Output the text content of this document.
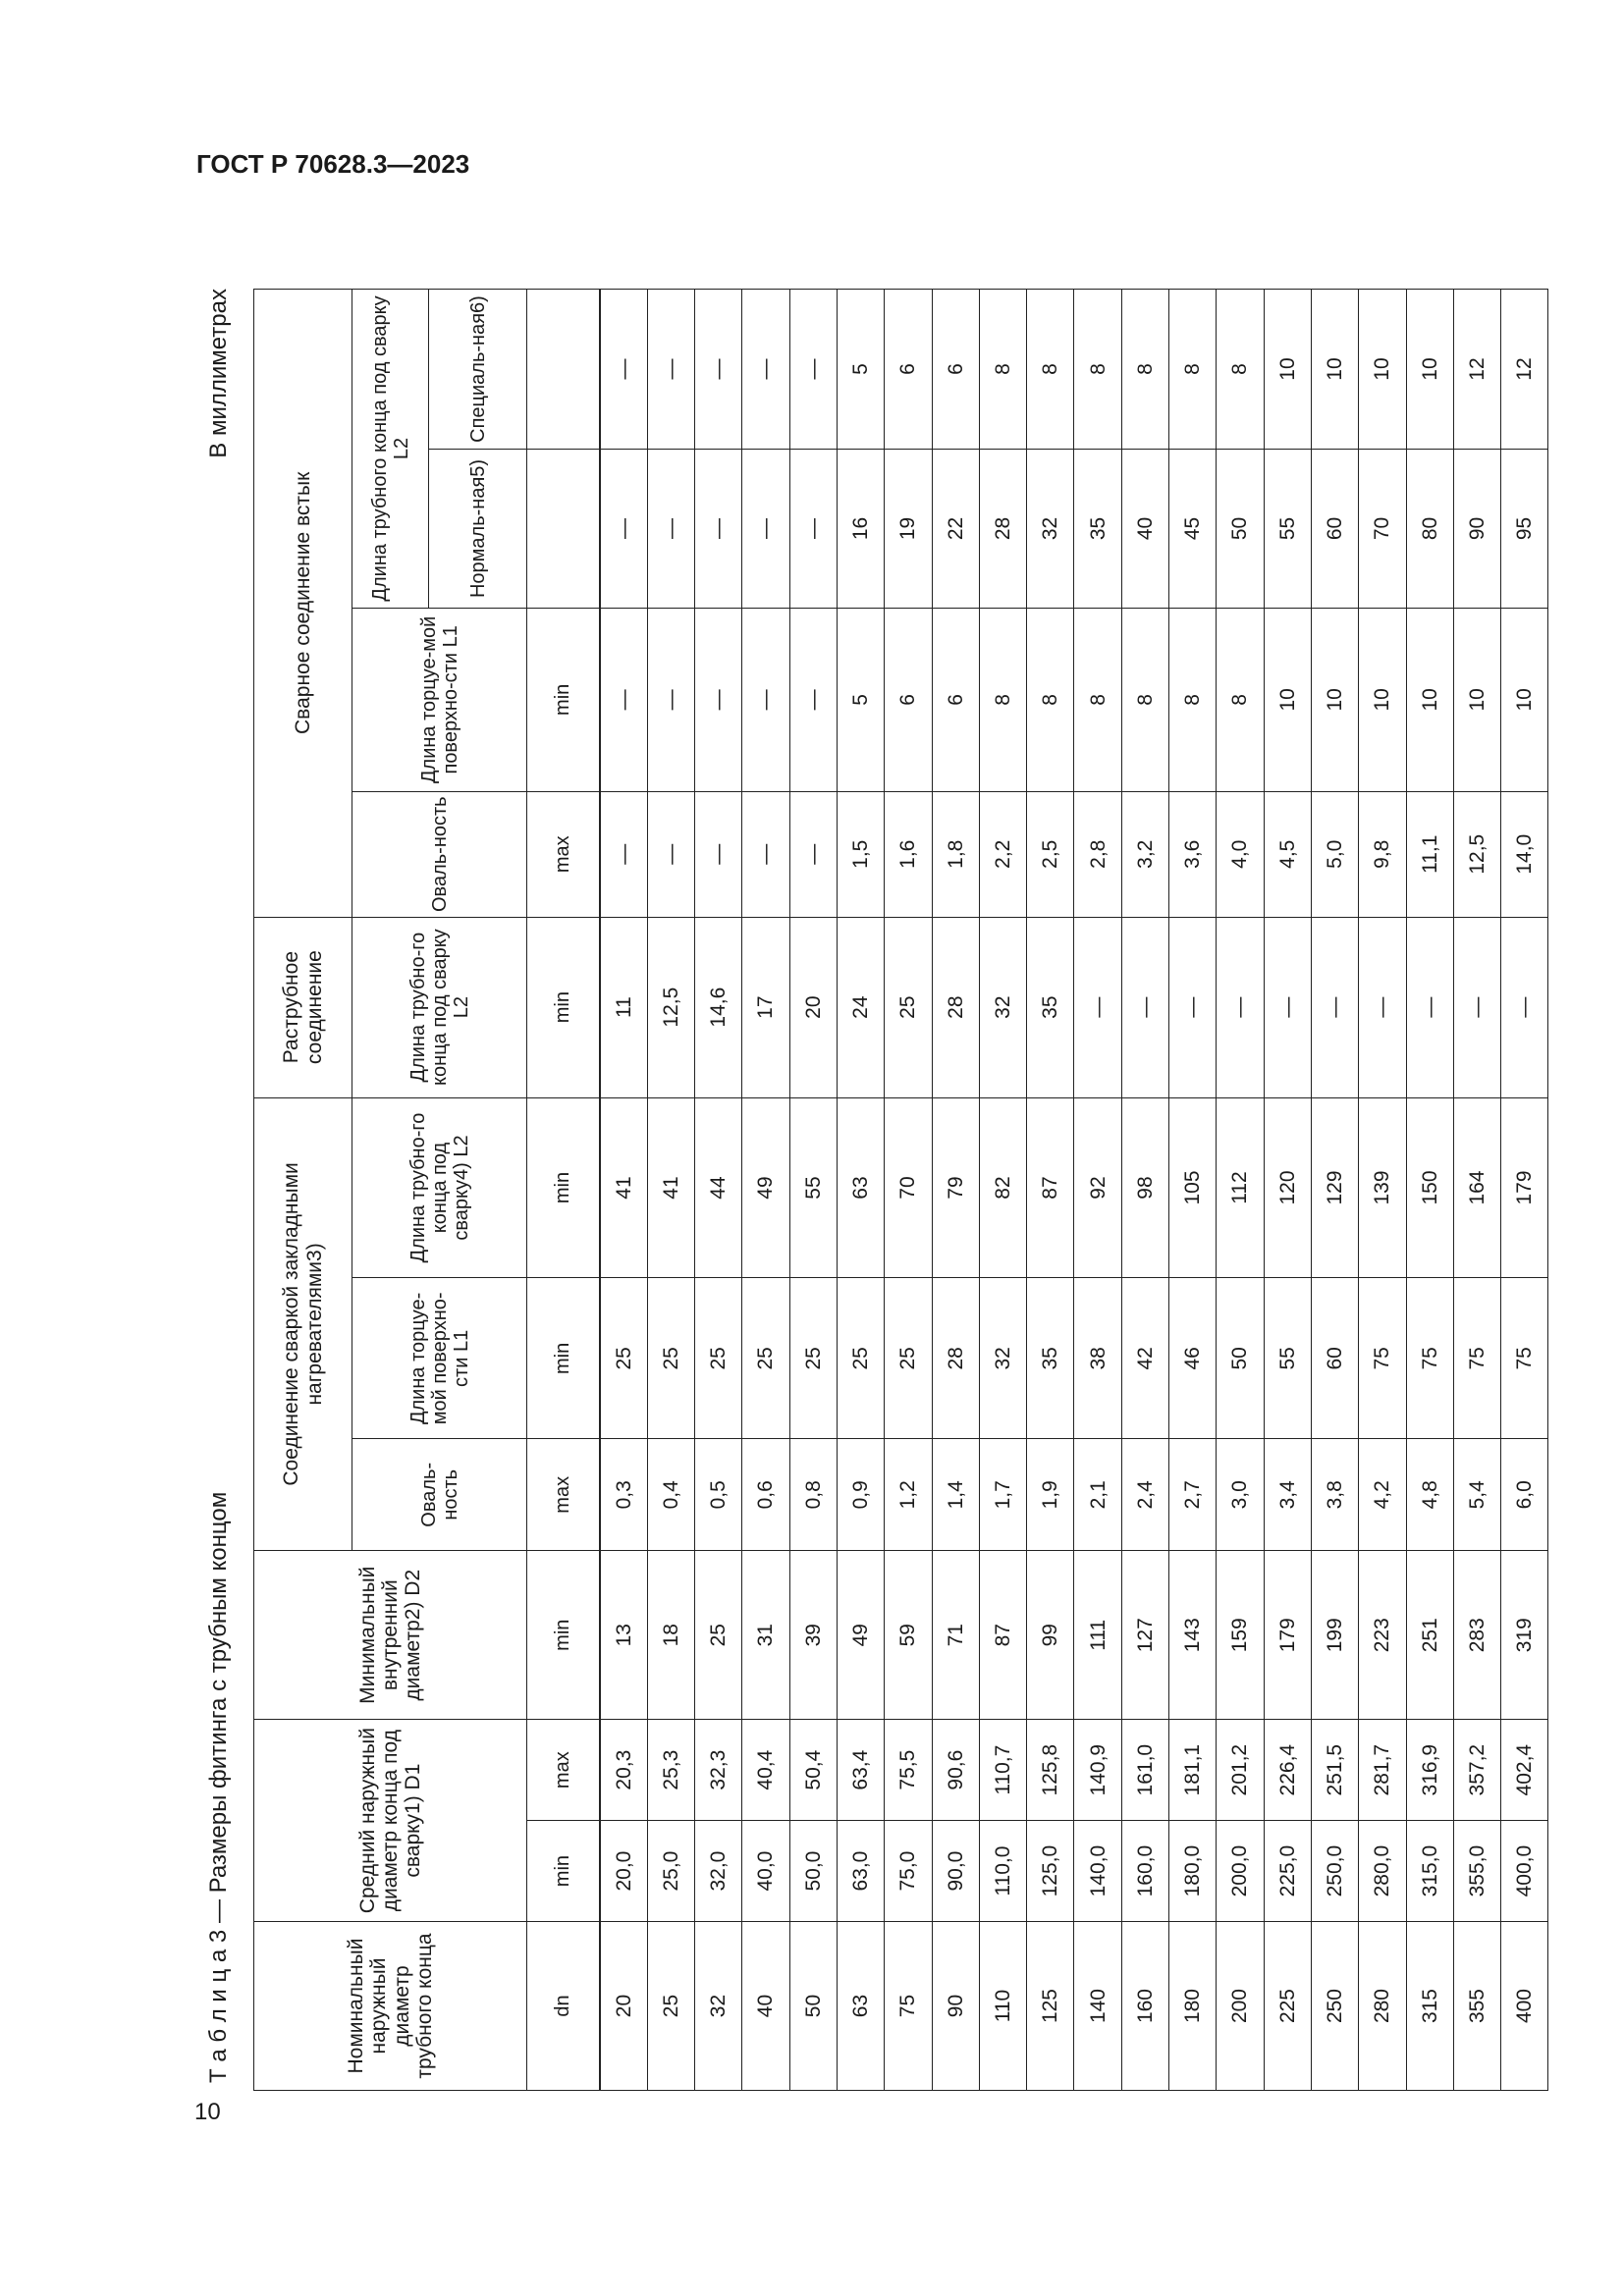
ГОСТ Р 70628.3—2023
10
Т а б л и ц а 3 — Размеры фитинга с трубным концом
В миллиметрах
Номинальный наружный диаметр трубного конца	Средний наружный диаметр конца под сварку1) D1		Минимальный внутренний диаметр2) D2	Соединение сваркой закладными нагревателями3)			Раструбное соединение	Сварное соединение встык			

				Оваль-ность	Длина торцуе-мой поверхно-сти L1	Длина трубно-го конца под сварку4) L2	Длина трубно-го конца под сварку L2	Оваль-ность	Длина торцуе-мой поверхно-сти L1	Длина трубного конца под сварку L2	

										Нормаль-ная5)	Специаль-ная6)

dn	min	max	min	max	min	min	min	max	min		
20	20,0	20,3	13	0,3	25	41	11	—	—	—	—
25	25,0	25,3	18	0,4	25	41	12,5	—	—	—	—
32	32,0	32,3	25	0,5	25	44	14,6	—	—	—	—
40	40,0	40,4	31	0,6	25	49	17	—	—	—	—
50	50,0	50,4	39	0,8	25	55	20	—	—	—	—
63	63,0	63,4	49	0,9	25	63	24	1,5	5	16	5
75	75,0	75,5	59	1,2	25	70	25	1,6	6	19	6
90	90,0	90,6	71	1,4	28	79	28	1,8	6	22	6
110	110,0	110,7	87	1,7	32	82	32	2,2	8	28	8
125	125,0	125,8	99	1,9	35	87	35	2,5	8	32	8
140	140,0	140,9	111	2,1	38	92	—	2,8	8	35	8
160	160,0	161,0	127	2,4	42	98	—	3,2	8	40	8
180	180,0	181,1	143	2,7	46	105	—	3,6	8	45	8
200	200,0	201,2	159	3,0	50	112	—	4,0	8	50	8
225	225,0	226,4	179	3,4	55	120	—	4,5	10	55	10
250	250,0	251,5	199	3,8	60	129	—	5,0	10	60	10
280	280,0	281,7	223	4,2	75	139	—	9,8	10	70	10
315	315,0	316,9	251	4,8	75	150	—	11,1	10	80	10
355	355,0	357,2	283	5,4	75	164	—	12,5	10	90	12
400	400,0	402,4	319	6,0	75	179	—	14,0	10	95	12
